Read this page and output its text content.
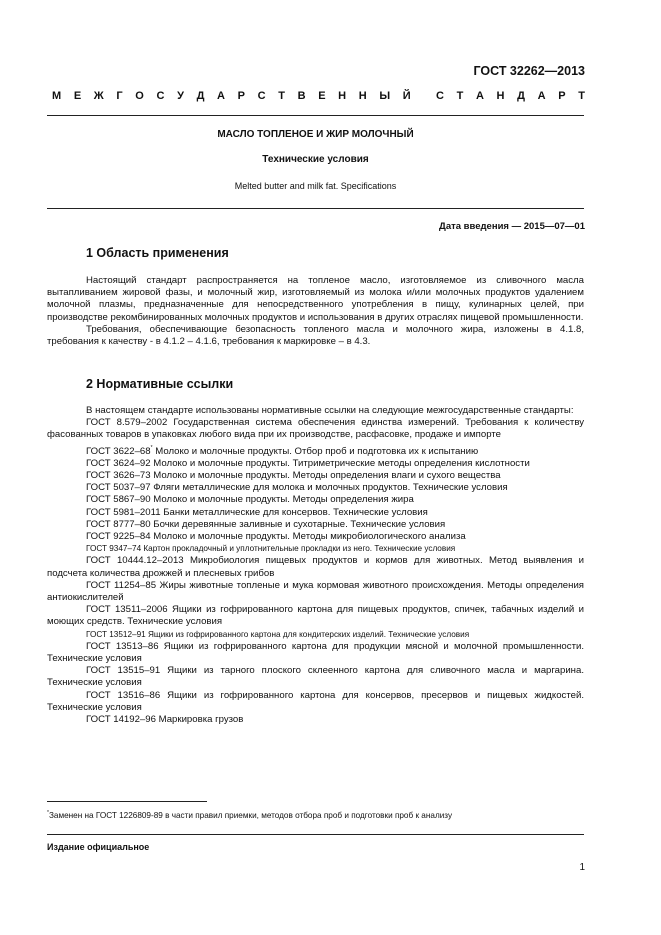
ГОСТ 32262—2013
М Е Ж Г О С У Д А Р С Т В Е Н Н Ы Й С Т А Н Д А Р Т
МАСЛО ТОПЛЕНОЕ И ЖИР МОЛОЧНЫЙ
Технические условия
Melted butter and milk fat. Specifications
Дата введения — 2015—07—01
1 Область применения

Настоящий стандарт распространяется на топленое масло, изготовляемое из сливочного масла вытапливанием жировой фазы, и молочный жир, изготовляемый из молока и/или молочных продуктов удалением молочной плазмы, предназначенные для непосредственного употребления в пищу, кулинарных целей, при производстве рекомбинированных молочных продуктов и использования в других отраслях пищевой промышленности.

Требования, обеспечивающие безопасность топленого масла и молочного жира, изложены в 4.1.8, требования к качеству - в 4.1.2 – 4.1.6, требования к маркировке – в 4.3.

2 Нормативные ссылки

В настоящем стандарте использованы нормативные ссылки на следующие межгосударственные стандарты:

ГОСТ 8.579–2002 Государственная система обеспечения единства измерений. Требования к количеству фасованных товаров в упаковках любого вида при их производстве, расфасовке, продаже и импорте

ГОСТ 3622–68* Молоко и молочные продукты. Отбор проб и подготовка их к испытанию

ГОСТ 3624–92 Молоко и молочные продукты. Титриметрические методы определения кислотности

ГОСТ 3626–73 Молоко и молочные продукты. Методы определения влаги и сухого вещества

ГОСТ 5037–97 Фляги металлические для молока и молочных продуктов. Технические условия

ГОСТ 5867–90 Молоко и молочные продукты. Методы определения жира

ГОСТ 5981–2011 Банки металлические для консервов. Технические условия

ГОСТ 8777–80 Бочки деревянные заливные и сухотарные. Технические условия

ГОСТ 9225–84 Молоко и молочные продукты. Методы микробиологического анализа

ГОСТ 9347–74 Картон прокладочный и уплотнительные прокладки из него. Технические условия

ГОСТ 10444.12–2013 Микробиология пищевых продуктов и кормов для животных. Метод выявления и подсчета количества дрожжей и плесневых грибов

ГОСТ 11254–85 Жиры животные топленые и мука кормовая животного происхождения. Методы определения антиокислителей

ГОСТ 13511–2006 Ящики из гофрированного картона для пищевых продуктов, спичек, табачных изделий и моющих средств. Технические условия

ГОСТ 13512–91 Ящики из гофрированного картона для кондитерских изделий. Технические условия

ГОСТ 13513–86 Ящики из гофрированного картона для продукции мясной и молочной промышленности. Технические условия

ГОСТ 13515–91 Ящики из тарного плоского склеенного картона для сливочного масла и маргарина. Технические условия

ГОСТ 13516–86 Ящики из гофрированного картона для консервов, пресервов и пищевых жидкостей. Технические условия

ГОСТ 14192–96 Маркировка грузов

*Заменен на ГОСТ 1226809-89 в части правил приемки, методов отбора проб и подготовки проб к анализу
Издание официальное
1
